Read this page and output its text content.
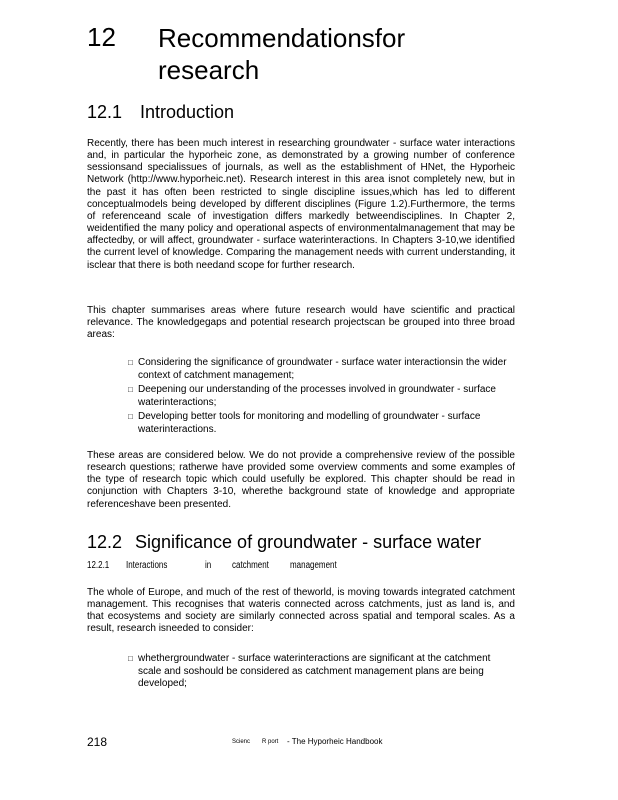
12 Recommendationsfor research
12.1 Introduction

Recently, there has been much interest in researching groundwater - surface water interactions and, in particular the hyporheic zone, as demonstrated by a growing number of conference sessionsand specialissues of journals, as well as the establishment of HNet, the Hyporheic Network (http://www.hyporheic.net). Research interest in this area isnot completely new, but in the past it has often been restricted to single discipline issues,which has led to different conceptualmodels being developed by different disciplines (Figure 1.2).Furthermore, the terms of referenceand scale of investigation differs markedly betweendisciplines. In Chapter 2, weidentified the many policy and operational aspects of environmentalmanagement that may be affectedby, or will affect, groundwater - surface waterinteractions. In Chapters 3-10,we identified the current level of knowledge. Comparing the management needs with current understanding, it isclear that there is both needand scope for further research.

This chapter summarises areas where future research would have scientific and practical relevance. The knowledgegaps and potential research projectscan be grouped into three broad areas:

□ Considering the significance of groundwater - surface water interactionsin the wider context of catchment management;
□ Deepening our understanding of the processes involved in groundwater - surface waterinteractions;
□ Developing better tools for monitoring and modelling of groundwater - surface waterinteractions.

These areas are considered below. We do not provide a comprehensive review of the possible research questions; ratherwe have provided some overview comments and some examples of the type of research topic which could usefully be explored. This chapter should be read in conjunction with Chapters 3-10, wherethe background state of knowledge and appropriate referenceshave been presented.

12.2 Significance of groundwater - surface water
12.2.1 Interactions	in catchment management

The whole of Europe, and much of the rest of theworld, is moving towards integrated catchment management. This recognises that wateris connected across catchments, just as land is, and that ecosystems and society are similarly connected across spatial and temporal scales. As a result, research isneeded to consider:

□ whethergroundwater - surface waterinteractions are significant at the catchment scale and soshould be considered as catchment management plans are being developed;
218	Scienc R port - The Hyporheic Handbook
